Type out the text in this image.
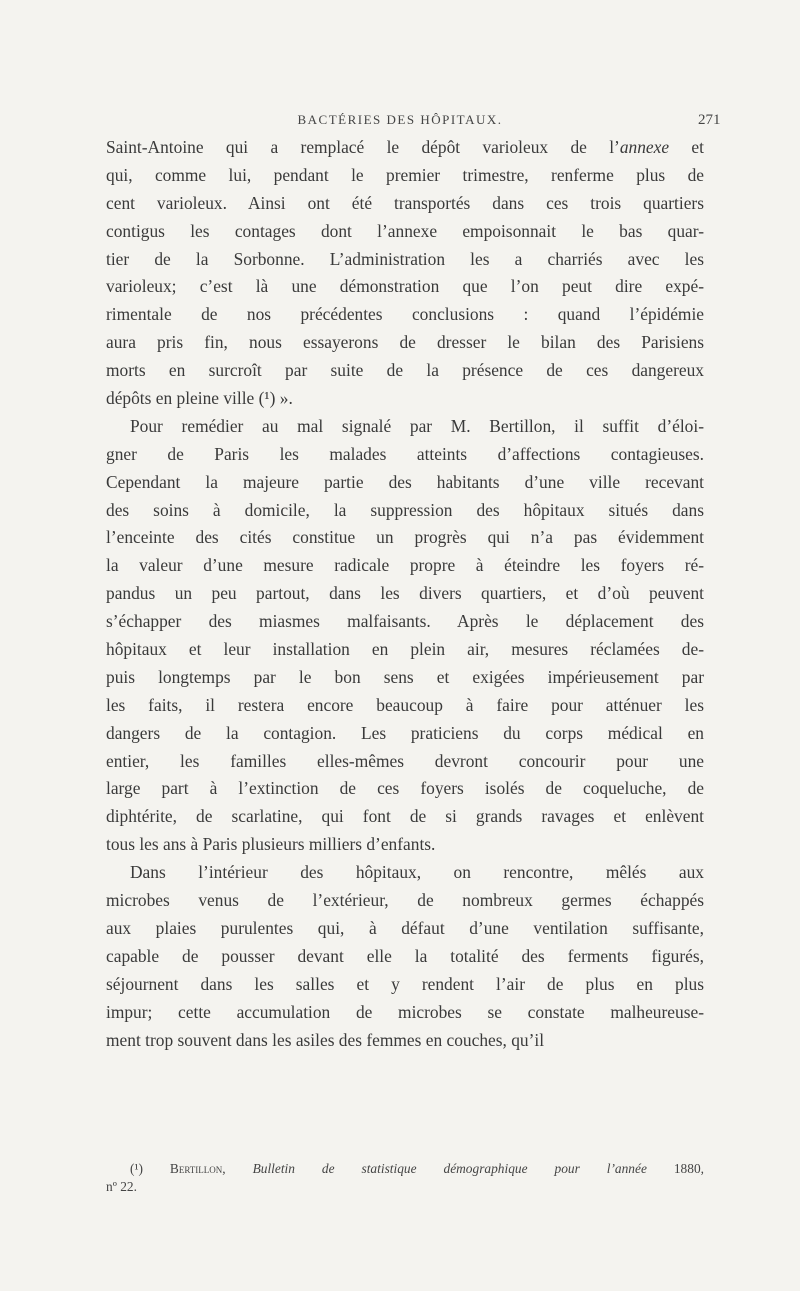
BACTÉRIES DES HÔPITAUX.	271
Saint-Antoine qui a remplacé le dépôt varioleux de l’annexe et
qui, comme lui, pendant le premier trimestre, renferme plus de
cent varioleux. Ainsi ont été transportés dans ces trois quartiers
contigus les contages dont l’annexe empoisonnait le bas quar-
tier de la Sorbonne. L’administration les a charriés avec les
varioleux; c’est là une démonstration que l’on peut dire expé-
rimentale de nos précédentes conclusions : quand l’épidémie
aura pris fin, nous essayerons de dresser le bilan des Parisiens
morts en surcroît par suite de la présence de ces dangereux
dépôts en pleine ville (¹) ».
Pour remédier au mal signalé par M. Bertillon, il suffit d’éloi-
gner de Paris les malades atteints d’affections contagieuses.
Cependant la majeure partie des habitants d’une ville recevant
des soins à domicile, la suppression des hôpitaux situés dans
l’enceinte des cités constitue un progrès qui n’a pas évidemment
la valeur d’une mesure radicale propre à éteindre les foyers ré-
pandus un peu partout, dans les divers quartiers, et d’où peuvent
s’échapper des miasmes malfaisants. Après le déplacement des
hôpitaux et leur installation en plein air, mesures réclamées de-
puis longtemps par le bon sens et exigées impérieusement par
les faits, il restera encore beaucoup à faire pour atténuer les
dangers de la contagion. Les praticiens du corps médical en
entier, les familles elles-mêmes devront concourir pour une
large part à l’extinction de ces foyers isolés de coqueluche, de
diphtérite, de scarlatine, qui font de si grands ravages et enlèvent
tous les ans à Paris plusieurs milliers d’enfants.
Dans l’intérieur des hôpitaux, on rencontre, mêlés aux
microbes venus de l’extérieur, de nombreux germes échappés
aux plaies purulentes qui, à défaut d’une ventilation suffisante,
capable de pousser devant elle la totalité des ferments figurés,
séjournent dans les salles et y rendent l’air de plus en plus
impur; cette accumulation de microbes se constate malheureuse-
ment trop souvent dans les asiles des femmes en couches, qu’il
(¹) Bertillon, Bulletin de statistique démographique pour l’année 1880,
nº 22.
